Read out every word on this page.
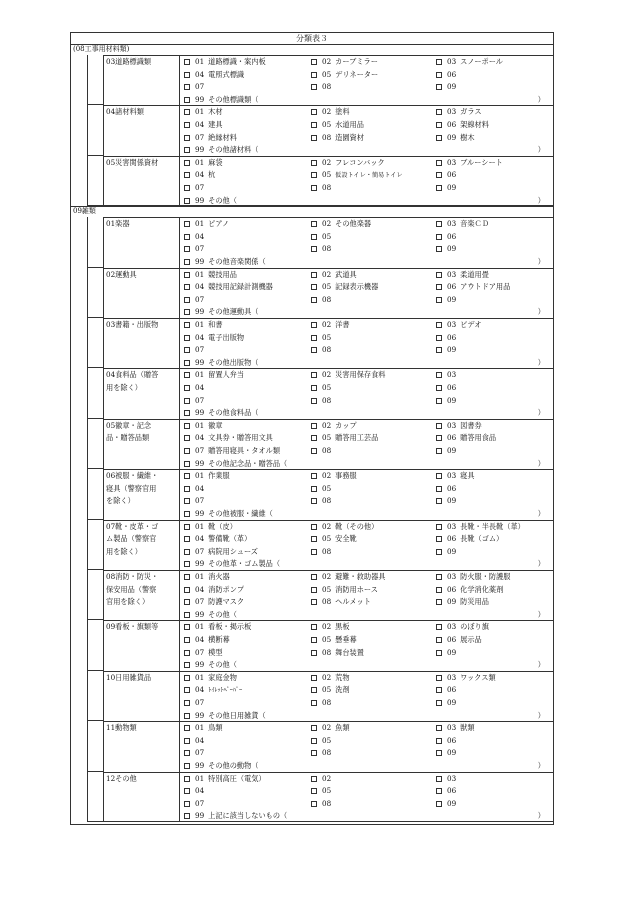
分類表３
(08工事用材料類)
03道路標識類	01 道路標識・案内板	02 カーブミラー	03 スノーポール
04 電照式標識	05 デリネーター	06
07	08	09
99 その他標識類（	）
04諸材料類	01 木材	02 塗料	03 ガラス
04 建具	05 水道用品	06 架線材料
07 絶縁材料	08 造園資材	09 樹木
99 その他諸材料（	）
05災害関係資材	01 麻袋	02 フレコンバック	03 ブルーシート
04 杭	05 仮設トイレ・簡易トイレ	06
07	08	09
99 その他（	）
09雑類
01楽器	01 ピアノ	02 その他楽器	03 音楽ＣＤ
04	05	06
07	08	09
99 その他音楽関係（	）
02運動具	01 競技用品	02 武道具	03 柔道用畳
04 競技用記録計測機器	05 記録表示機器	06 アウトドア用品
07	08	09
99 その他運動具（	）
03書籍・出版物	01 和書	02 洋書	03 ビデオ
04 電子出版物	05	06
07	08	09
99 その他出版物（	）
04食料品（贈答
用を除く）
01 留置人弁当	02 災害用保存食料	03
04	05	06
07	08	09
99 その他食料品（	）
05徽章・記念
品・贈答品類
01 徽章	02 カップ	03 図書券
04 文具券・贈答用文具	05 贈答用工芸品	06 贈答用食品
07 贈答用寝具・タオル類	08	09
99 その他記念品・贈答品（	）
06被服・繊維・
寝具（警察官用
を除く）
01 作業服	02 事務服	03 寝具
04	05	06
07	08	09
99 その他被服・繊維（	）
07靴・皮革・ゴ
ム製品（警察官
用を除く）
01 靴（皮）	02 靴（その他）	03 長靴・半長靴（革）
04 警備靴（革）	05 安全靴	06 長靴（ゴム）
07 病院用シューズ	08	09
99 その他革・ゴム製品（	）
08消防・防災・
保安用品（警察
官用を除く）
01 消火器	02 避難・救助器具	03 防火服・防護服
04 消防ポンプ	05 消防用ホース	06 化学消化薬剤
07 防護マスク	08 ヘルメット	09 防災用品
99 その他（	）
09看板・旗類等	01 看板・掲示板	02 黒板	03 のぼり旗
04 横断幕	05 懸垂幕	06 展示品
07 模型	08 舞台装置	09
99 その他（	）
10日用雑貨品	01 家庭金物	02 荒物	03 ワックス類
04 ﾄｲﾚｯﾄﾍﾟｰﾊﾟｰ	05 洗剤	06
07	08	09
99 その他日用雑貨（	）
11動物類	01 鳥類	02 魚類	03 獣類
04	05	06
07	08	09
99 その他の動物（	）
12その他	01 特別高圧（電気）	02	03
04	05	06
07	08	09
99 上記に該当しないもの（	）
